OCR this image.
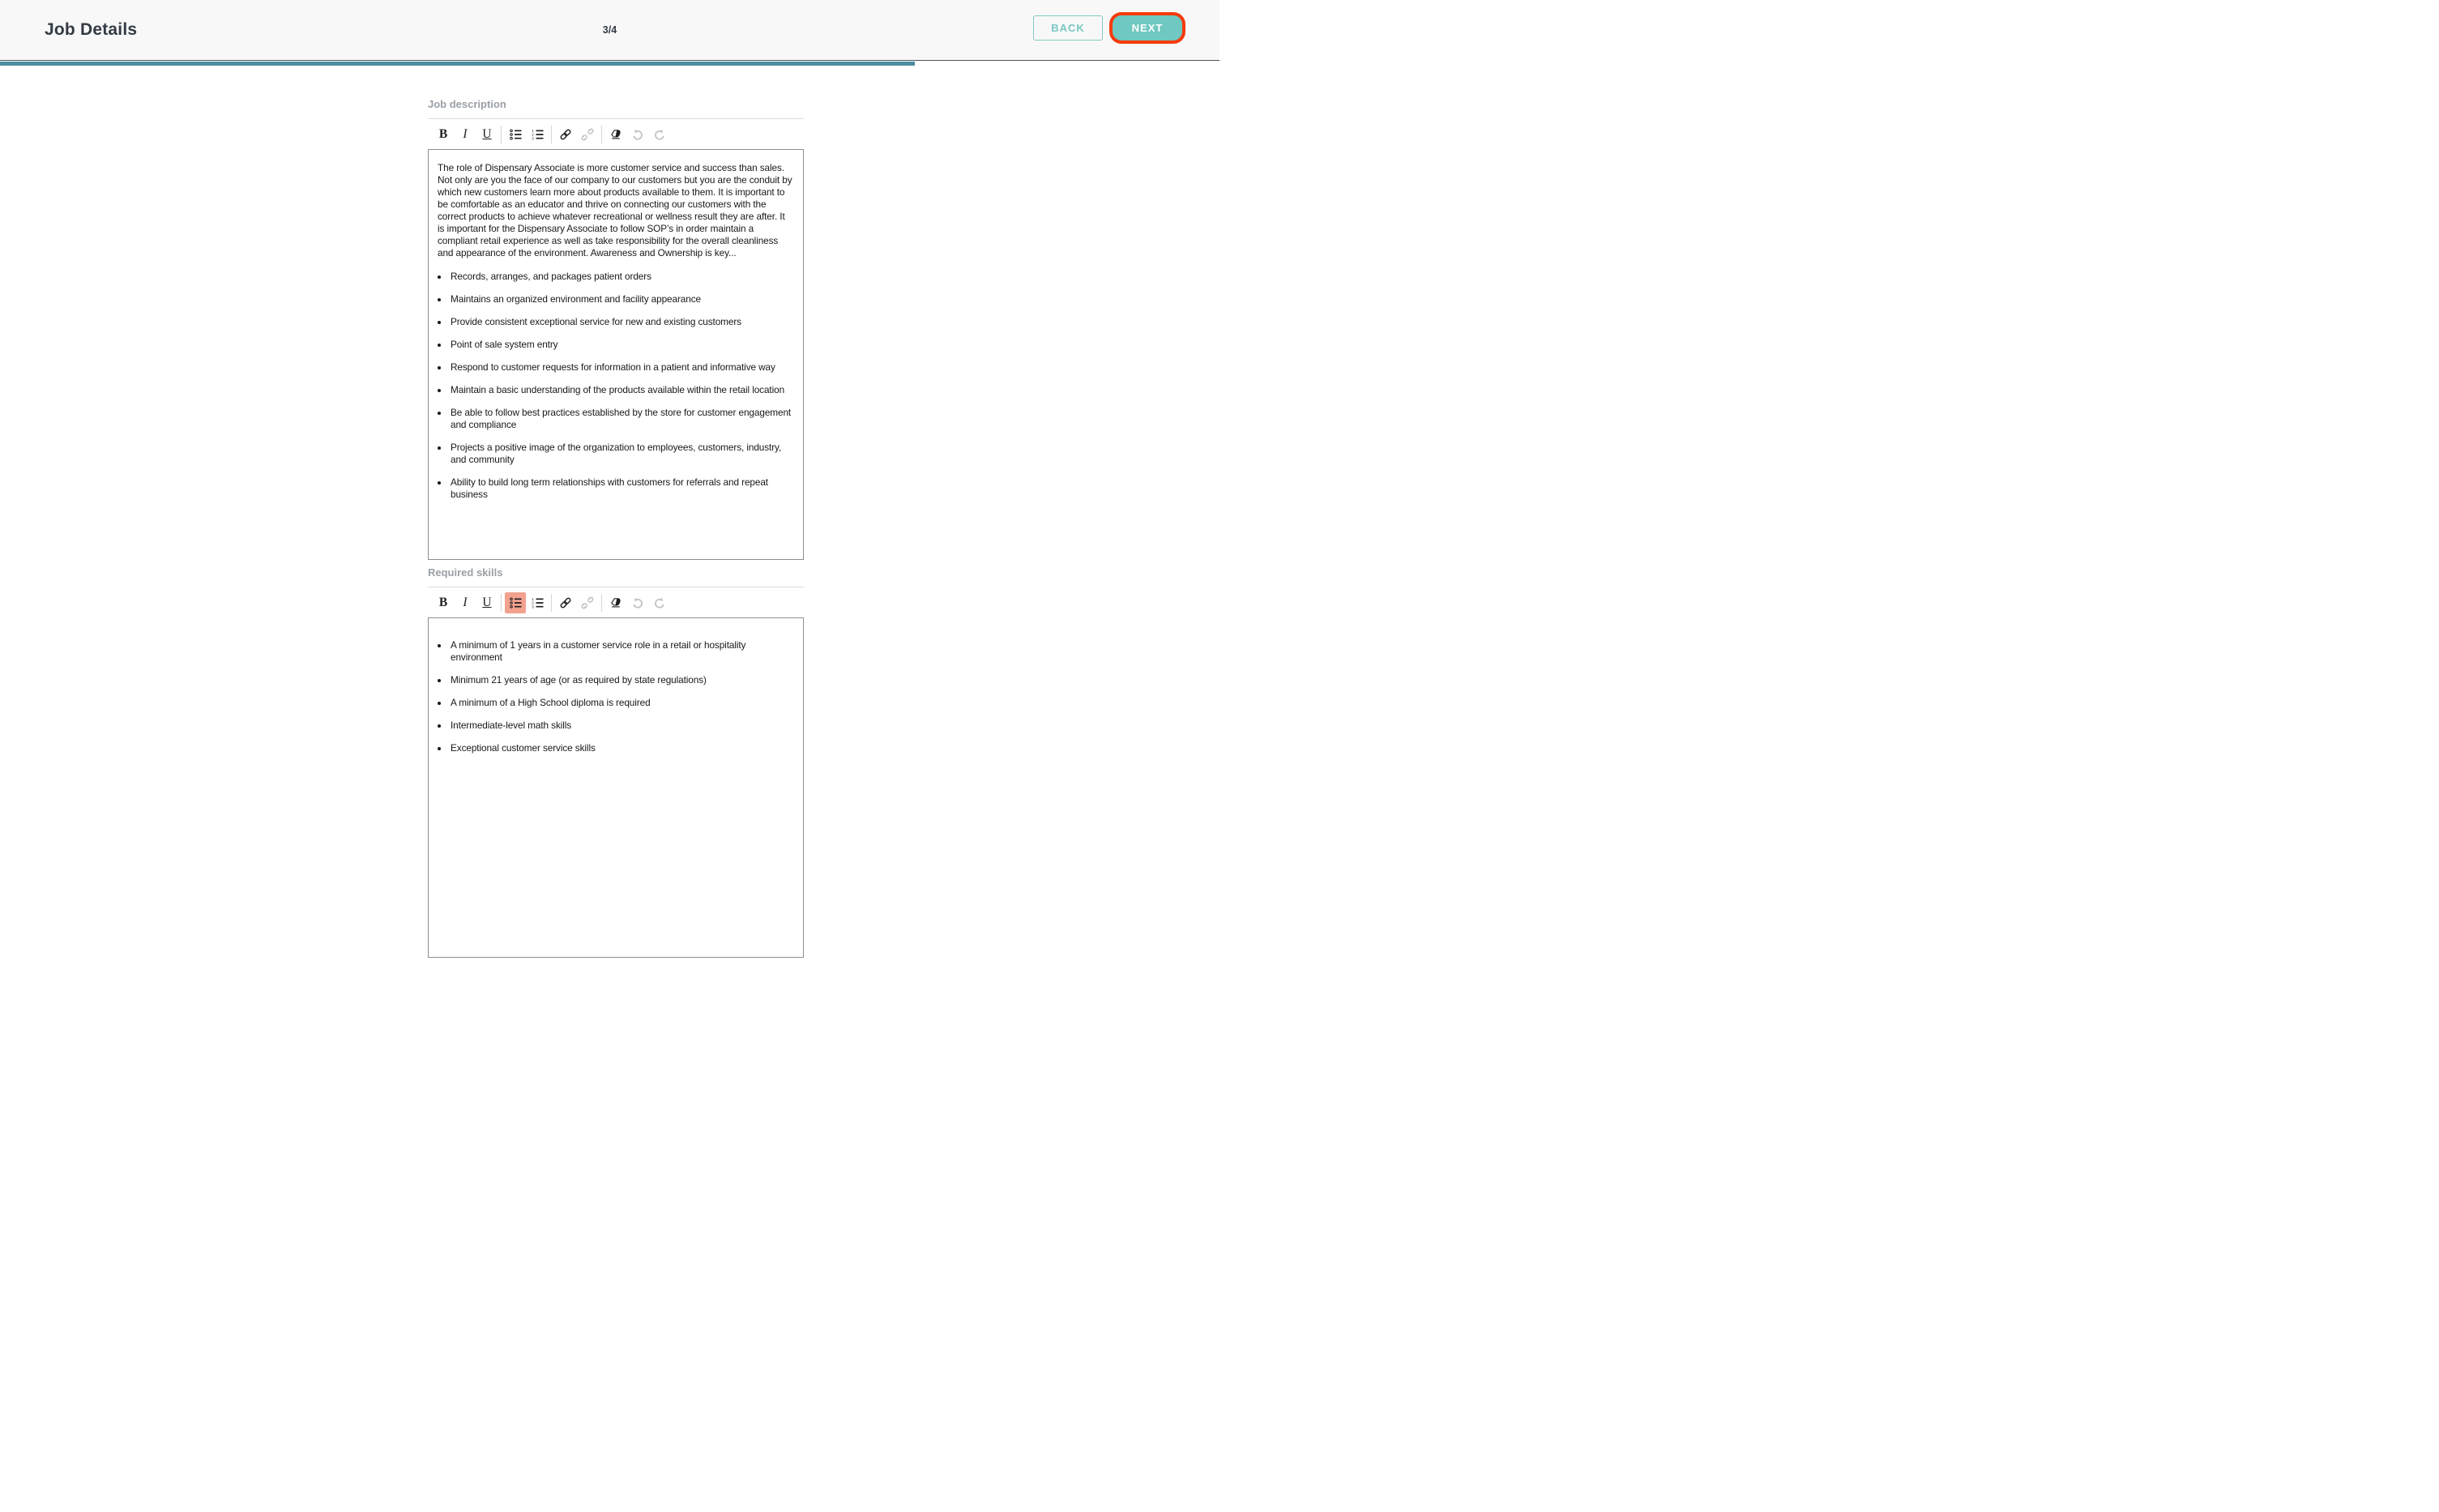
Job Details	3/4	BACK	NEXT
Job description
B	I	U	1
2
3

The role of Dispensary Associate is more customer service and success than sales. Not only are you the face of our company to our customers but you are the conduit by which new customers learn more about products available to them. It is important to be comfortable as an educator and thrive on connecting our customers with the correct products to achieve whatever recreational or wellness result they are after. It is important for the Dispensary Associate to follow SOP’s in order maintain a compliant retail experience as well as take responsibility for the overall cleanliness and appearance of the environment. Awareness and Ownership is key...

• Records, arranges, and packages patient orders
• Maintains an organized environment and facility appearance
• Provide consistent exceptional service for new and existing customers
• Point of sale system entry
• Respond to customer requests for information in a patient and informative way
• Maintain a basic understanding of the products available within the retail location
• Be able to follow best practices established by the store for customer engagement and compliance
• Projects a positive image of the organization to employees, customers, industry, and community
• Ability to build long term relationships with customers for referrals and repeat business
Required skills
B	I	U	1
2
3
• A minimum of 1 years in a customer service role in a retail or hospitality environment
• Minimum 21 years of age (or as required by state regulations)
• A minimum of a High School diploma is required
• Intermediate-level math skills
• Exceptional customer service skills
